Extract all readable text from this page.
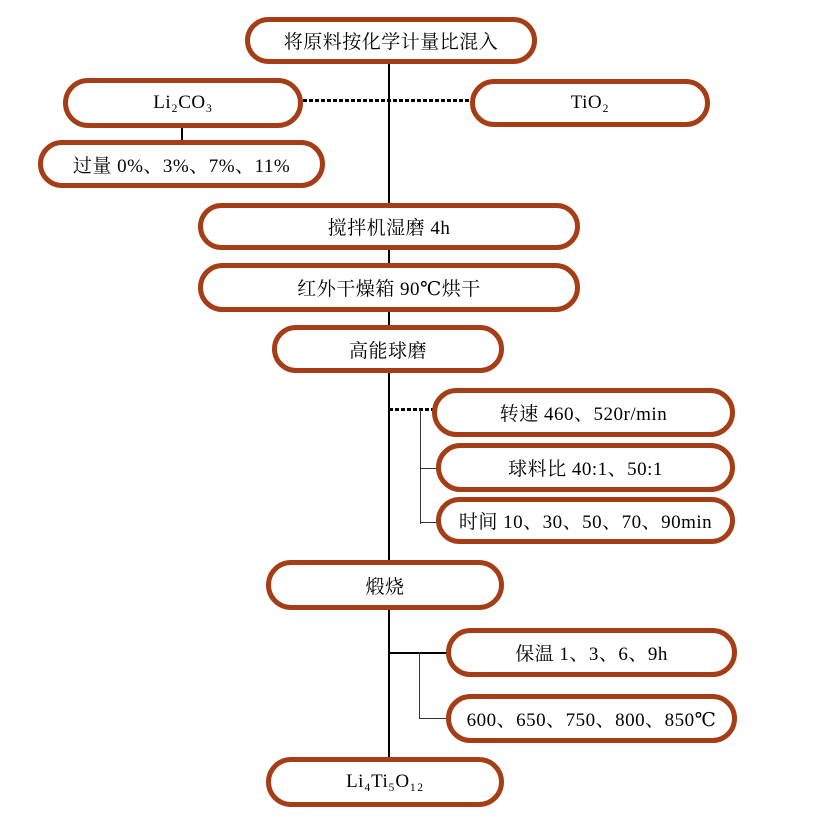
将原料按化学计量比混入
Li₂CO₃	TiO₂
过量 0%、3%、7%、11%
搅拌机湿磨 4h
红外干燥箱 90℃烘干
高能球磨
转速 460、520r/min
球料比 40:1、50:1
时间 10、30、50、70、90min
煅烧
保温 1、3、6、9h
600、650、750、800、850℃
Li₄Ti₅O₁₂
